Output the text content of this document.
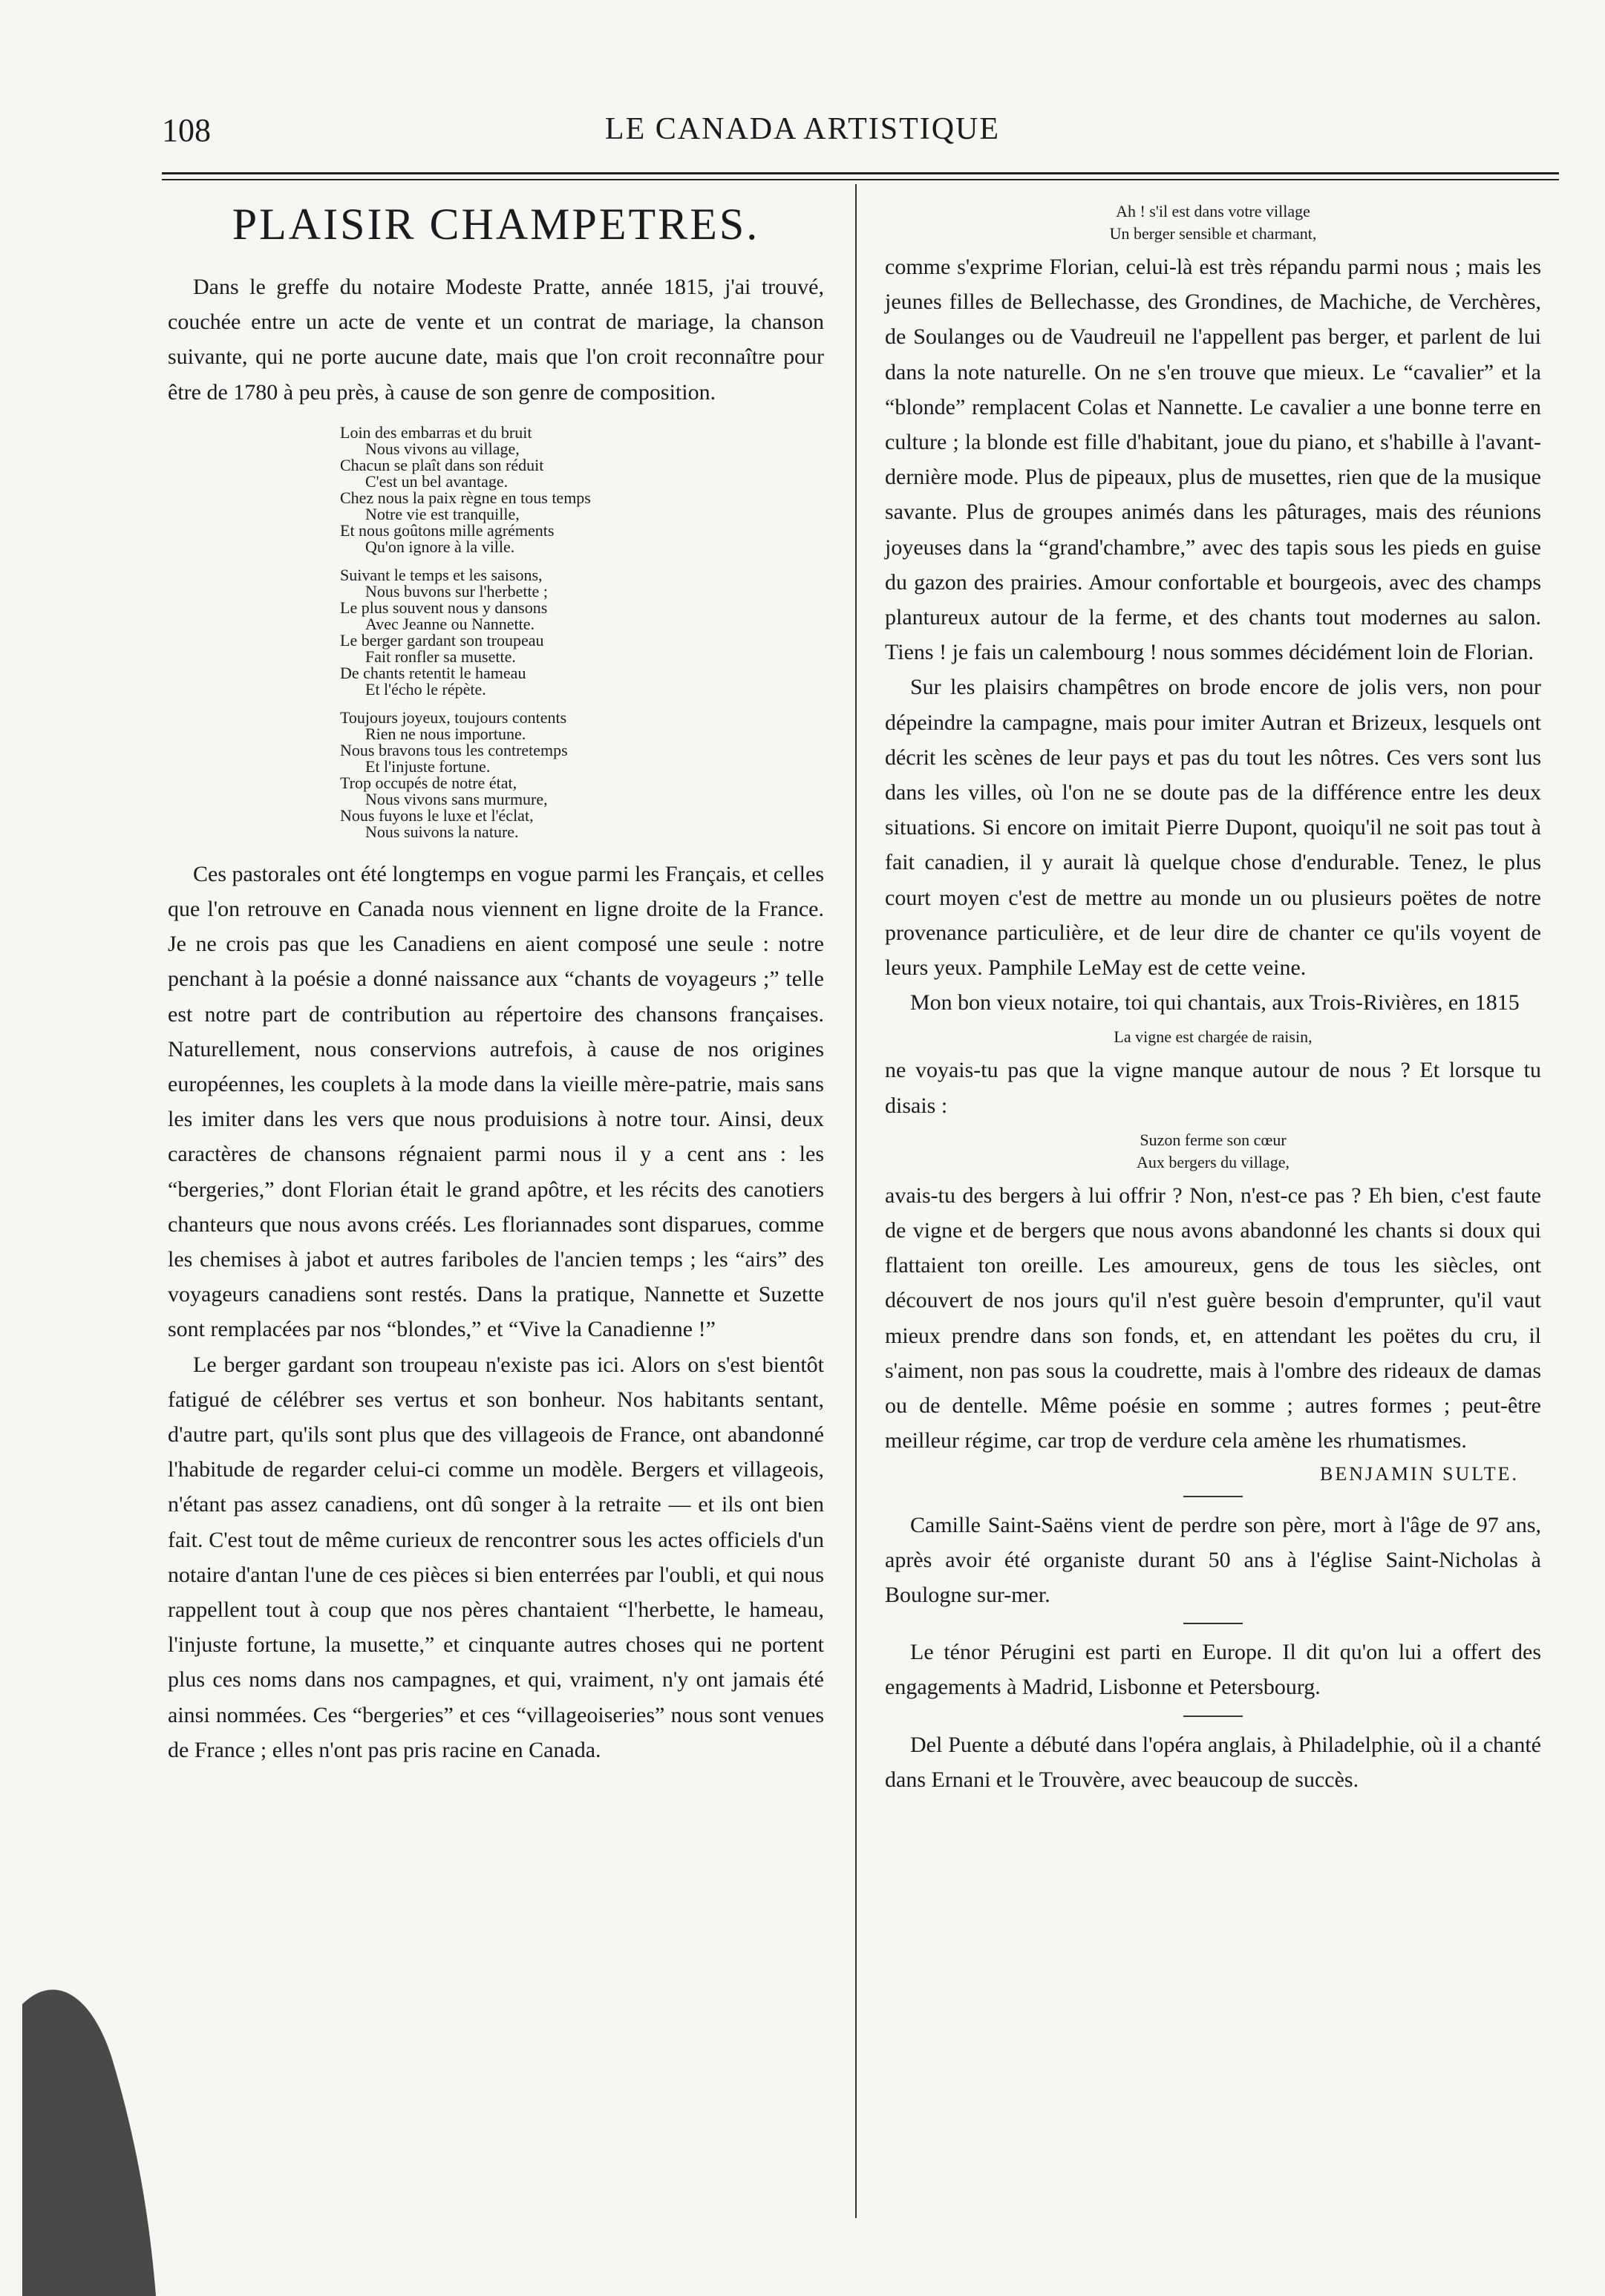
108	LE CANADA ARTISTIQUE
PLAISIR CHAMPETRES.

Dans le greffe du notaire Modeste Pratte, année 1815, j'ai trouvé, couchée entre un acte de vente et un contrat de mariage, la chanson suivante, qui ne porte aucune date, mais que l'on croit reconnaître pour être de 1780 à peu près, à cause de son genre de composition.

Loin des embarras et du bruit
Nous vivons au village,
Chacun se plaît dans son réduit
C'est un bel avantage.
Chez nous la paix règne en tous temps
Notre vie est tranquille,
Et nous goûtons mille agréments
Qu'on ignore à la ville.
Suivant le temps et les saisons,
Nous buvons sur l'herbette ;
Le plus souvent nous y dansons
Avec Jeanne ou Nannette.
Le berger gardant son troupeau
Fait ronfler sa musette.
De chants retentit le hameau
Et l'écho le répète.
Toujours joyeux, toujours contents
Rien ne nous importune.
Nous bravons tous les contretemps
Et l'injuste fortune.
Trop occupés de notre état,
Nous vivons sans murmure,
Nous fuyons le luxe et l'éclat,
Nous suivons la nature.

Ces pastorales ont été longtemps en vogue parmi les Français, et celles que l'on retrouve en Canada nous viennent en ligne droite de la France. Je ne crois pas que les Canadiens en aient composé une seule : notre penchant à la poésie a donné naissance aux “chants de voyageurs ;” telle est notre part de contribution au répertoire des chansons françaises. Naturellement, nous conservions autrefois, à cause de nos origines européennes, les couplets à la mode dans la vieille mère-patrie, mais sans les imiter dans les vers que nous produisions à notre tour. Ainsi, deux caractères de chansons régnaient parmi nous il y a cent ans : les “bergeries,” dont Florian était le grand apôtre, et les récits des canotiers chanteurs que nous avons créés. Les floriannades sont disparues, comme les chemises à jabot et autres fariboles de l'ancien temps ; les “airs” des voyageurs canadiens sont restés. Dans la pratique, Nannette et Suzette sont remplacées par nos “blondes,” et “Vive la Canadienne !”

Le berger gardant son troupeau n'existe pas ici. Alors on s'est bientôt fatigué de célébrer ses vertus et son bonheur. Nos habitants sentant, d'autre part, qu'ils sont plus que des villageois de France, ont abandonné l'habitude de regarder celui-ci comme un modèle. Bergers et villageois, n'étant pas assez canadiens, ont dû songer à la retraite — et ils ont bien fait. C'est tout de même curieux de rencontrer sous les actes officiels d'un notaire d'antan l'une de ces pièces si bien enterrées par l'oubli, et qui nous rappellent tout à coup que nos pères chantaient “l'herbette, le hameau, l'injuste fortune, la musette,” et cinquante autres choses qui ne portent plus ces noms dans nos campagnes, et qui, vraiment, n'y ont jamais été ainsi nommées. Ces “bergeries” et ces “villageoiseries” nous sont venues de France ; elles n'ont pas pris racine en Canada.

Ah ! s'il est dans votre village
Un berger sensible et charmant,

comme s'exprime Florian, celui-là est très répandu parmi nous ; mais les jeunes filles de Bellechasse, des Grondines, de Machiche, de Verchères, de Soulanges ou de Vaudreuil ne l'appellent pas berger, et parlent de lui dans la note naturelle. On ne s'en trouve que mieux. Le “cavalier” et la “blonde” remplacent Colas et Nannette. Le cavalier a une bonne terre en culture ; la blonde est fille d'habitant, joue du piano, et s'habille à l'avant-dernière mode. Plus de pipeaux, plus de musettes, rien que de la musique savante. Plus de groupes animés dans les pâturages, mais des réunions joyeuses dans la “grand'chambre,” avec des tapis sous les pieds en guise du gazon des prairies. Amour confortable et bourgeois, avec des champs plantureux autour de la ferme, et des chants tout modernes au salon. Tiens ! je fais un calembourg ! nous sommes décidément loin de Florian.

Sur les plaisirs champêtres on brode encore de jolis vers, non pour dépeindre la campagne, mais pour imiter Autran et Brizeux, lesquels ont décrit les scènes de leur pays et pas du tout les nôtres. Ces vers sont lus dans les villes, où l'on ne se doute pas de la différence entre les deux situations. Si encore on imitait Pierre Dupont, quoiqu'il ne soit pas tout à fait canadien, il y aurait là quelque chose d'endurable. Tenez, le plus court moyen c'est de mettre au monde un ou plusieurs poëtes de notre provenance particulière, et de leur dire de chanter ce qu'ils voyent de leurs yeux. Pamphile LeMay est de cette veine.

Mon bon vieux notaire, toi qui chantais, aux Trois-Rivières, en 1815

La vigne est chargée de raisin,

ne voyais-tu pas que la vigne manque autour de nous ? Et lorsque tu disais :

Suzon ferme son cœur
Aux bergers du village,

avais-tu des bergers à lui offrir ? Non, n'est-ce pas ? Eh bien, c'est faute de vigne et de bergers que nous avons abandonné les chants si doux qui flattaient ton oreille. Les amoureux, gens de tous les siècles, ont découvert de nos jours qu'il n'est guère besoin d'emprunter, qu'il vaut mieux prendre dans son fonds, et, en attendant les poëtes du cru, il s'aiment, non pas sous la coudrette, mais à l'ombre des rideaux de damas ou de dentelle. Même poésie en somme ; autres formes ; peut-être meilleur régime, car trop de verdure cela amène les rhumatismes.

BENJAMIN SULTE.

Camille Saint-Saëns vient de perdre son père, mort à l'âge de 97 ans, après avoir été organiste durant 50 ans à l'église Saint-Nicholas à Boulogne sur-mer.

Le ténor Pérugini est parti en Europe. Il dit qu'on lui a offert des engagements à Madrid, Lisbonne et Petersbourg.

Del Puente a débuté dans l'opéra anglais, à Philadelphie, où il a chanté dans Ernani et le Trouvère, avec beaucoup de succès.
